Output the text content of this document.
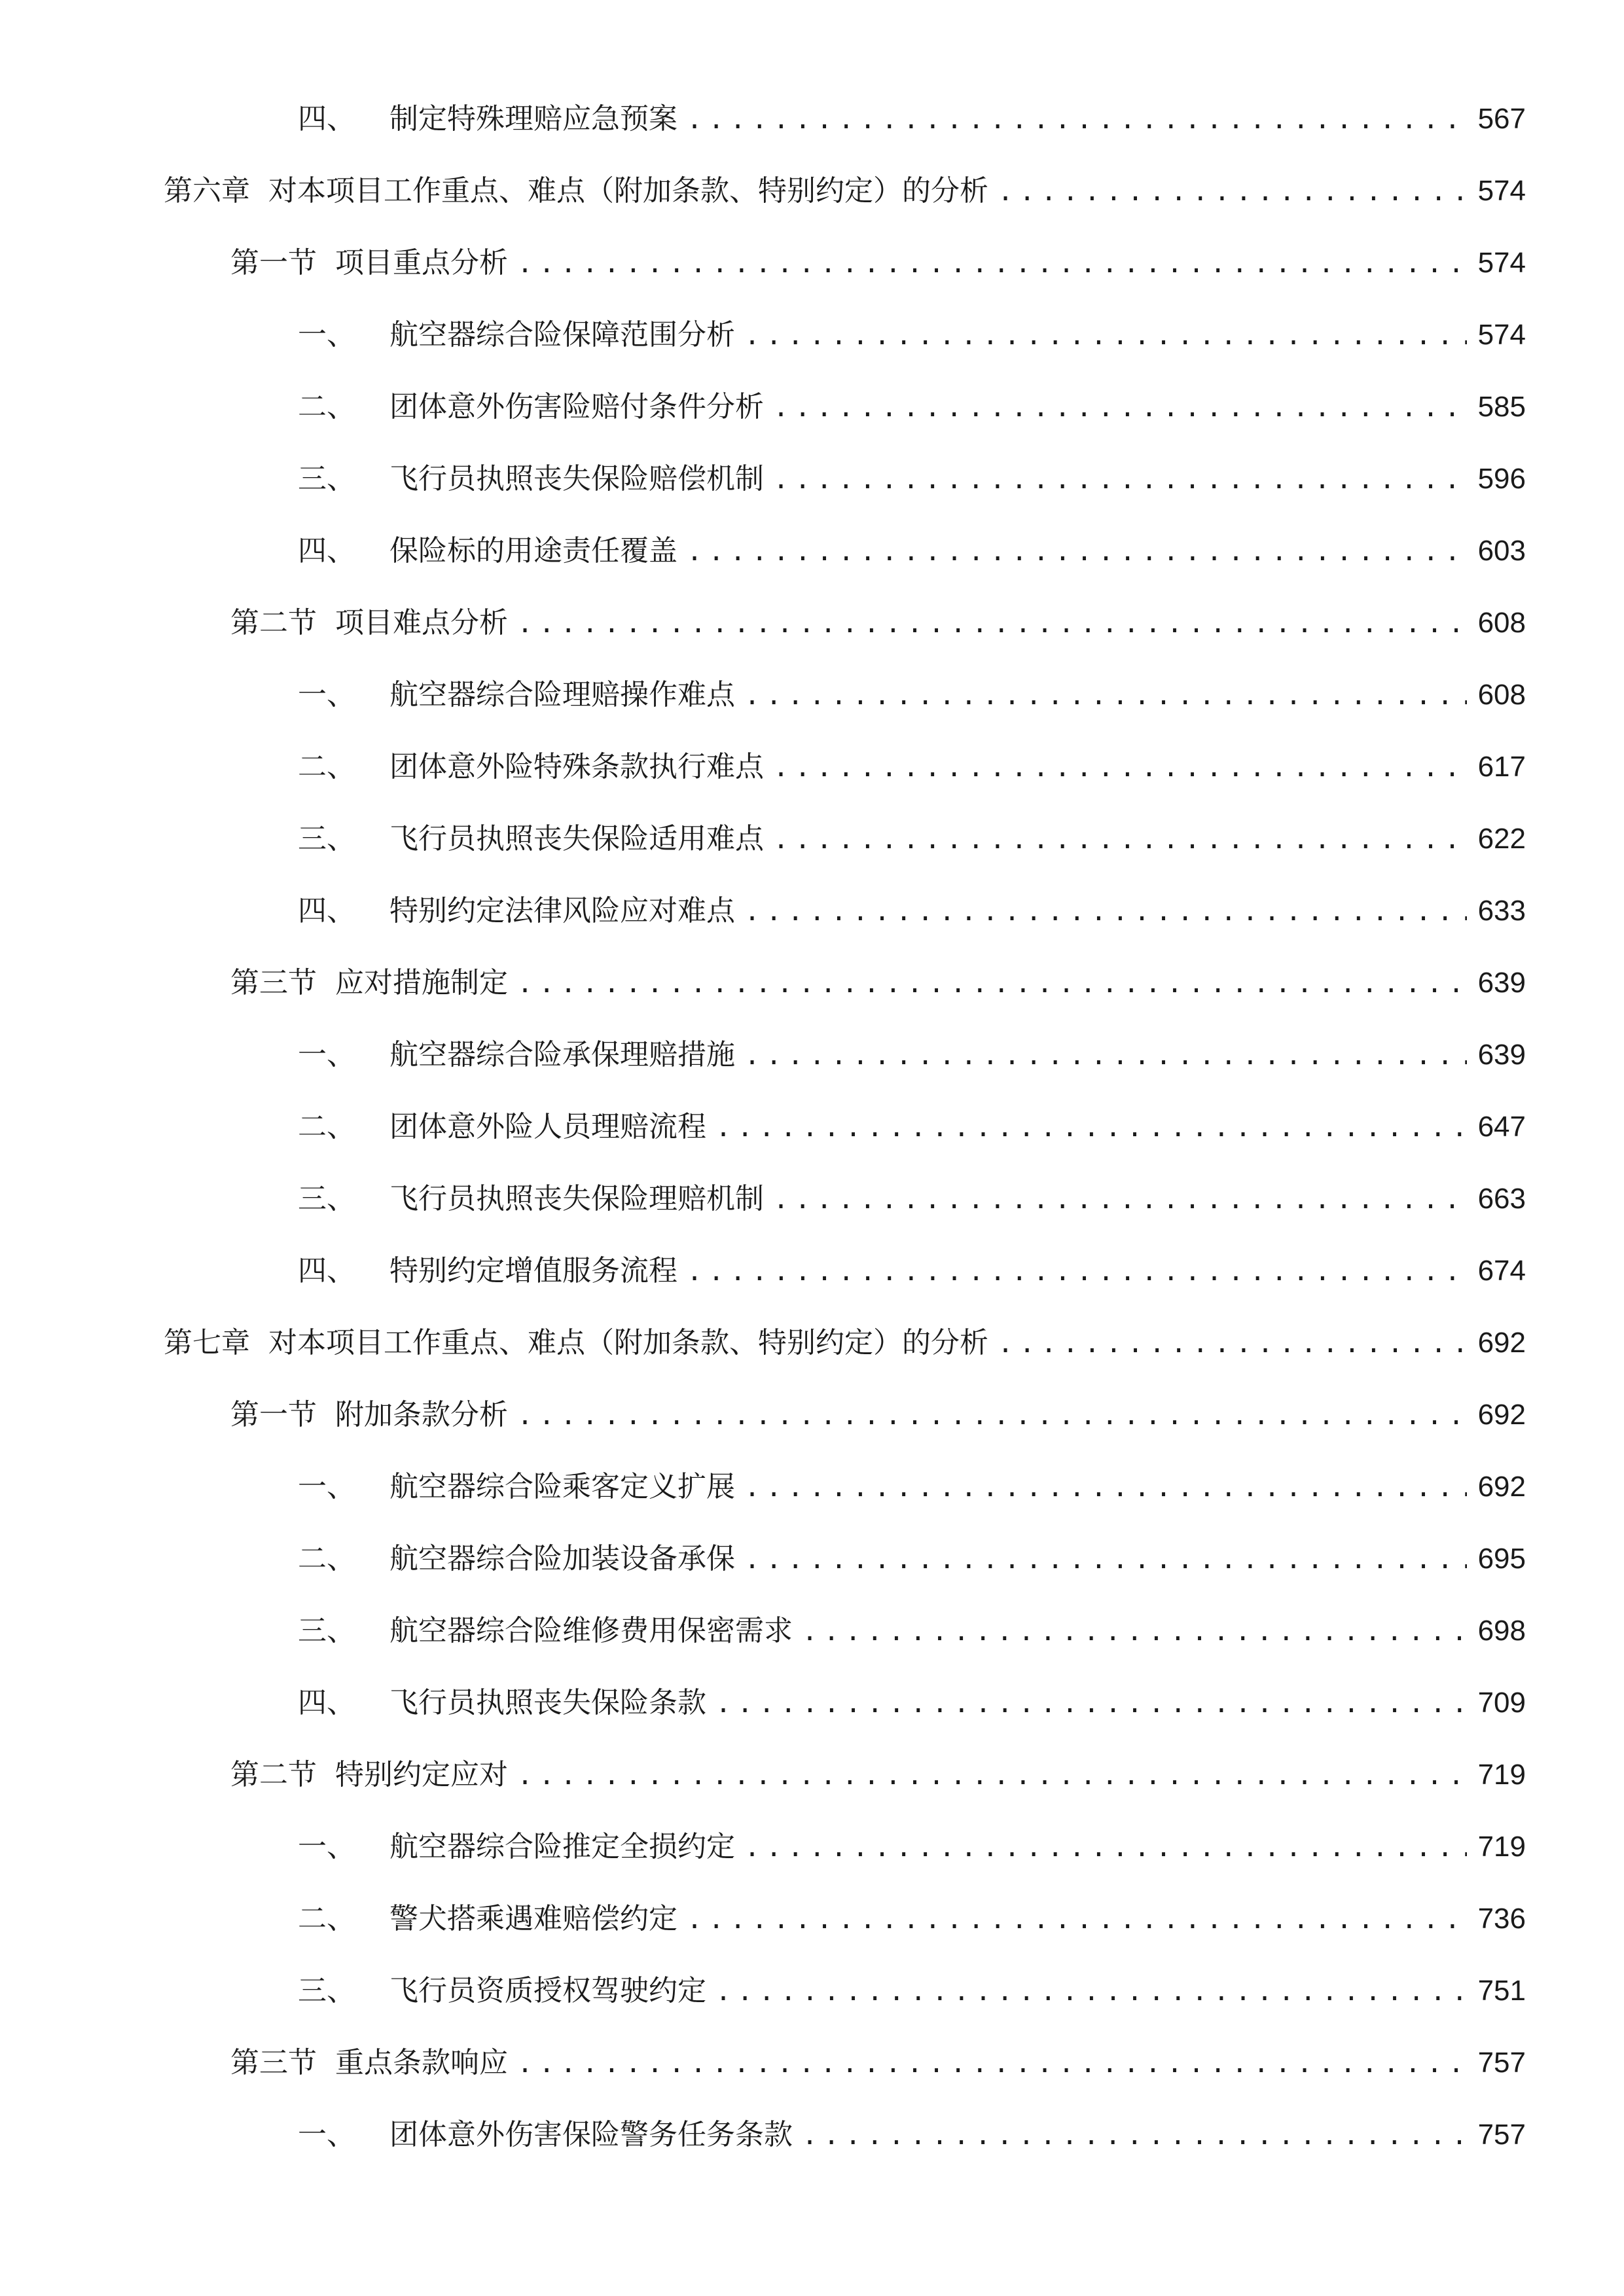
四、 制定特殊理赔应急预案 .....	567
第六章 对本项目工作重点、难点（附加条款、特别约定）的分析 .....	574
第一节 项目重点分析 .....	574
一、 航空器综合险保障范围分析 .....	574
二、 团体意外伤害险赔付条件分析 .....	585
三、 飞行员执照丧失保险赔偿机制 .....	596
四、 保险标的用途责任覆盖 .....	603
第二节 项目难点分析 .....	608
一、 航空器综合险理赔操作难点 .....	608
二、 团体意外险特殊条款执行难点 .....	617
三、 飞行员执照丧失保险适用难点 .....	622
四、 特别约定法律风险应对难点 .....	633
第三节 应对措施制定 .....	639
一、 航空器综合险承保理赔措施 .....	639
二、 团体意外险人员理赔流程 .....	647
三、 飞行员执照丧失保险理赔机制 .....	663
四、 特别约定增值服务流程 .....	674
第七章 对本项目工作重点、难点（附加条款、特别约定）的分析 .....	692
第一节 附加条款分析 .....	692
一、 航空器综合险乘客定义扩展 .....	692
二、 航空器综合险加装设备承保 .....	695
三、 航空器综合险维修费用保密需求 .....	698
四、 飞行员执照丧失保险条款 .....	709
第二节 特别约定应对 .....	719
一、 航空器综合险推定全损约定 .....	719
二、 警犬搭乘遇难赔偿约定 .....	736
三、 飞行员资质授权驾驶约定 .....	751
第三节 重点条款响应 .....	757
一、 团体意外伤害保险警务任务条款 .....	757
